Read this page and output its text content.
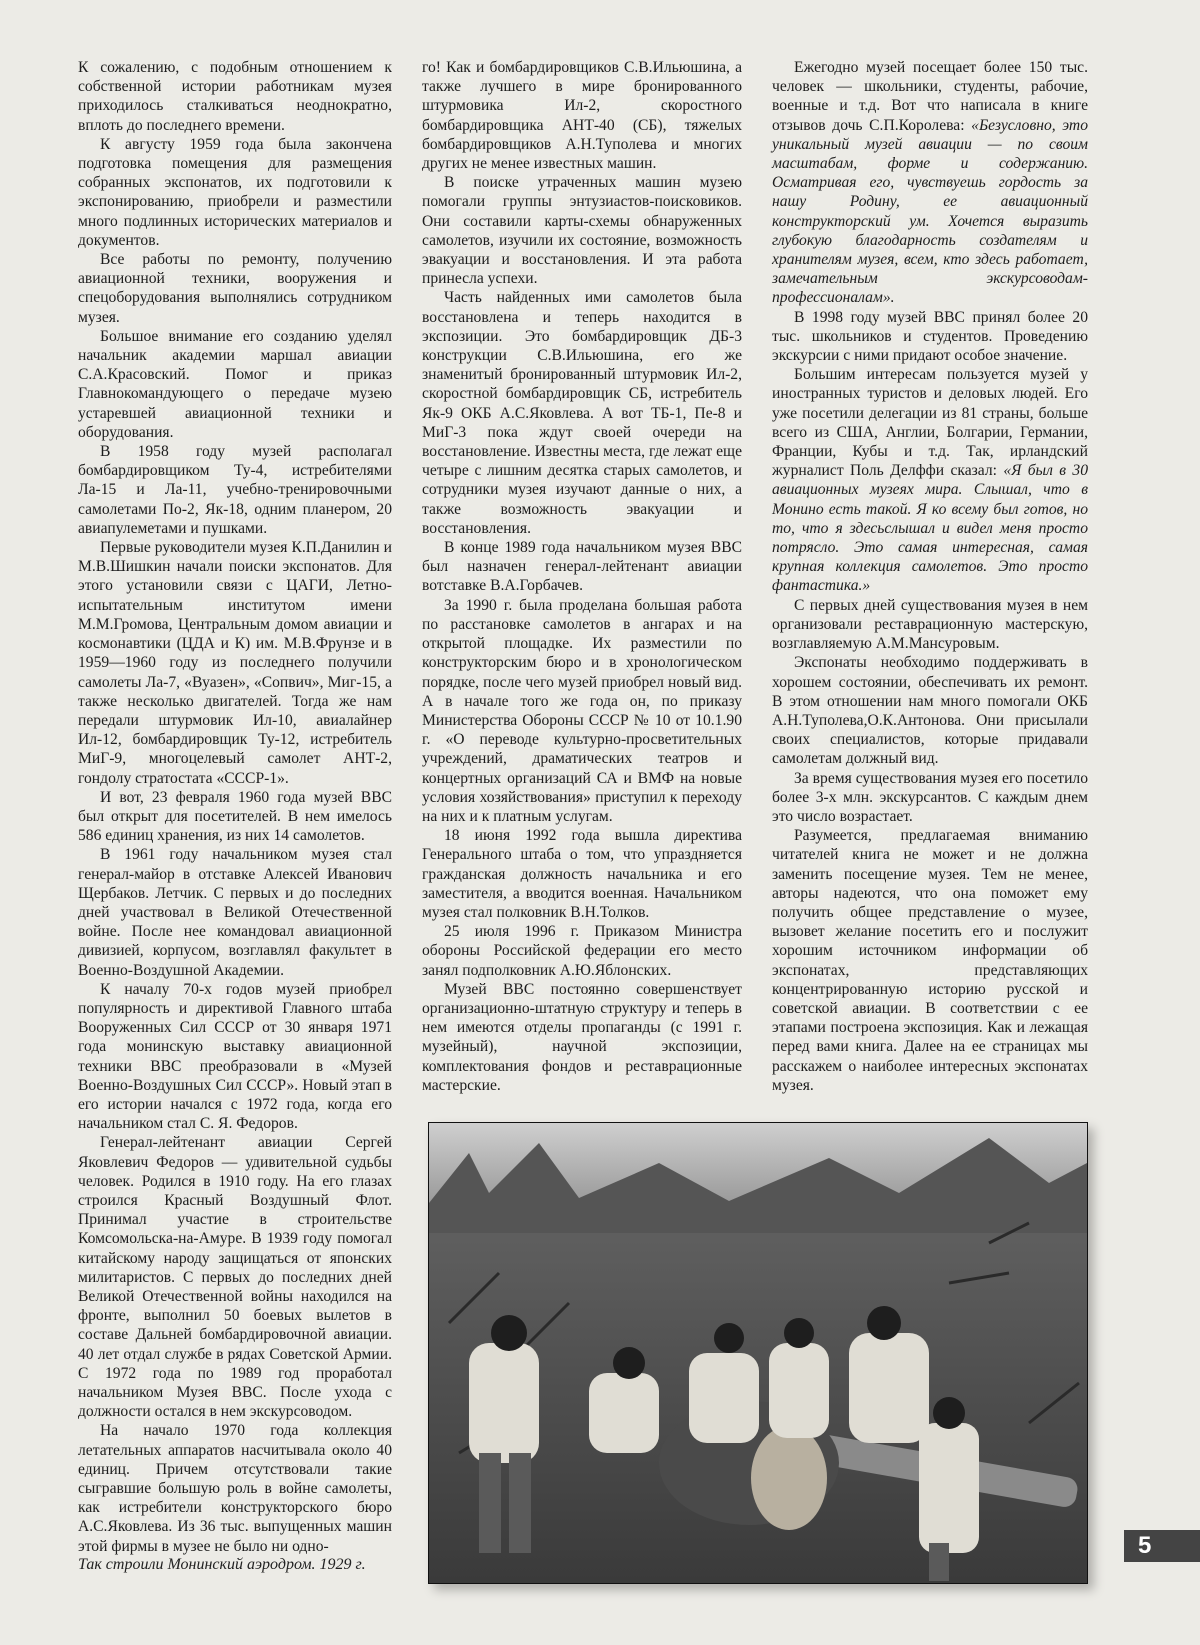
К сожалению, с подобным отношением к собственной истории работникам музея приходилось сталкиваться неоднократно, вплоть до последнего времени.

К августу 1959 года была закончена подготовка помещения для размещения собранных экспонатов, их подготовили к экспонированию, приобрели и разместили много подлинных исторических материалов и документов.

Все работы по ремонту, получению авиационной техники, вооружения и спецоборудования выполнялись сотрудником музея.

Большое внимание его созданию уделял начальник академии маршал авиации С.А.Красовский. Помог и приказ Главнокомандующего о передаче музею устаревшей авиационной техники и оборудования.

В 1958 году музей располагал бомбардировщиком Ту-4, истребителями Ла-15 и Ла-11, учебно-тренировочными самолетами По-2, Як-18, одним планером, 20 авиапулеметами и пушками.

Первые руководители музея К.П.Данилин и М.В.Шишкин начали поиски экспонатов. Для этого установили связи с ЦАГИ, Летно-испытательным институтом имени М.М.Громова, Центральным домом авиации и космонавтики (ЦДА и К) им. М.В.Фрунзе и в 1959—1960 году из последнего получили самолеты Ла-7, «Вуазен», «Сопвич», Миг-15, а также несколько двигателей. Тогда же нам передали штурмовик Ил-10, авиалайнер Ил-12, бомбардировщик Ту-12, истребитель МиГ-9, многоцелевый самолет АНТ-2, гондолу стратостата «СССР-1».

И вот, 23 февраля 1960 года музей ВВС был открыт для посетителей. В нем имелось 586 единиц хранения, из них 14 самолетов.

В 1961 году начальником музея стал генерал-майор в отставке Алексей Иванович Щербаков. Летчик. С первых и до последних дней участвовал в Великой Отечественной войне. После нее командовал авиационной дивизией, корпусом, возглавлял факультет в Военно-Воздушной Академии.

К началу 70-х годов музей приобрел популярность и директивой Главного штаба Вооруженных Сил СССР от 30 января 1971 года монинскую выставку авиационной техники ВВС преобразовали в «Музей Военно-Воздушных Сил СССР». Новый этап в его истории начался с 1972 года, когда его начальником стал С. Я. Федоров.

Генерал-лейтенант авиации Сергей Яковлевич Федоров — удивительной судьбы человек. Родился в 1910 году. На его глазах строился Красный Воздушный Флот. Принимал участие в строительстве Комсомольска-на-Амуре. В 1939 году помогал китайскому народу защищаться от японских милитаристов. С первых до последних дней Великой Отечественной войны находился на фронте, выполнил 50 боевых вылетов в составе Дальней бомбардировочной авиации. 40 лет отдал службе в рядах Советской Армии. С 1972 года по 1989 год проработал начальником Музея ВВС. После ухода с должности остался в нем экскурсоводом.

На начало 1970 года коллекция летательных аппаратов насчитывала около 40 единиц. Причем отсутствовали такие сыгравшие большую роль в войне самолеты, как истребители конструкторского бюро А.С.Яковлева. Из 36 тыс. выпущенных машин этой фирмы в музее не было ни одно-

го! Как и бомбардировщиков С.В.Ильюшина, а также лучшего в мире бронированного штурмовика Ил-2, скоростного бомбардировщика АНТ-40 (СБ), тяжелых бомбардировщиков А.Н.Туполева и многих других не менее известных машин.

В поиске утраченных машин музею помогали группы энтузиастов-поисковиков. Они составили карты-схемы обнаруженных самолетов, изучили их состояние, возможность эвакуации и восстановления. И эта работа принесла успехи.

Часть найденных ими самолетов была восстановлена и теперь находится в экспозиции. Это бомбардировщик ДБ-3 конструкции С.В.Ильюшина, его же знаменитый бронированный штурмовик Ил-2, скоростной бомбардировщик СБ, истребитель Як-9 ОКБ А.С.Яковлева. А вот ТБ-1, Пе-8 и МиГ-3 пока ждут своей очереди на восстановление. Известны места, где лежат еще четыре с лишним десятка старых самолетов, и сотрудники музея изучают данные о них, а также возможность эвакуации и восстановления.

В конце 1989 года начальником музея ВВС был назначен генерал-лейтенант авиации вотставке В.А.Горбачев.

За 1990 г. была проделана большая работа по расстановке самолетов в ангарах и на открытой площадке. Их разместили по конструкторским бюро и в хронологическом порядке, после чего музей приобрел новый вид. А в начале того же года он, по приказу Министерства Обороны СССР № 10 от 10.1.90 г. «О переводе культурно-просветительных учреждений, драматических театров и концертных организаций СА и ВМФ на новые условия хозяйствования» приступил к переходу на них и к платным услугам.

18 июня 1992 года вышла директива Генерального штаба о том, что упраздняется гражданская должность начальника и его заместителя, а вводится военная. Начальником музея стал полковник В.Н.Толков.

25 июля 1996 г. Приказом Министра обороны Российской федерации его место занял подполковник А.Ю.Яблонских.

Музей ВВС постоянно совершенствует организационно-штатную структуру и теперь в нем имеются отделы пропаганды (с 1991 г. музейный), научной экспозиции, комплектования фондов и реставрационные мастерские.

Ежегодно музей посещает более 150 тыс. человек — школьники, студенты, рабочие, военные и т.д. Вот что написала в книге отзывов дочь С.П.Королева: «Безусловно, это уникальный музей авиации — по своим масштабам, форме и содержанию. Осматривая его, чувствуешь гордость за нашу Родину, ее авиационный конструкторский ум. Хочется выразить глубокую благодарность создателям и хранителям музея, всем, кто здесь работает, замечательным экскурсоводам-профессионалам».

В 1998 году музей ВВС принял более 20 тыс. школьников и студентов. Проведению экскурсии с ними придают особое значение.

Большим интересам пользуется музей у иностранных туристов и деловых людей. Его уже посетили делегации из 81 страны, больше всего из США, Англии, Болгарии, Германии, Франции, Кубы и т.д. Так, ирландский журналист Поль Делффи сказал: «Я был в 30 авиационных музеях мира. Слышал, что в Монино есть такой. Я ко всему был готов, но то, что я здесьслышал и видел меня просто потрясло. Это самая интересная, самая крупная коллекция самолетов. Это просто фантастика.»

С первых дней существования музея в нем организовали реставрационную мастерскую, возглавляемую А.М.Мансуровым.

Экспонаты необходимо поддерживать в хорошем состоянии, обеспечивать их ремонт. В этом отношении нам много помогали ОКБ А.Н.Туполева,О.К.Антонова. Они присылали своих специалистов, которые придавали самолетам должный вид.

За время существования музея его посетило более 3-х млн. экскурсантов. С каждым днем это число возрастает.

Разумеется, предлагаемая вниманию читателей книга не может и не должна заменить посещение музея. Тем не менее, авторы надеются, что она поможет ему получить общее представление о музее, вызовет желание посетить его и послужит хорошим источником информации об экспонатах, представляющих концентрированную историю русской и советской авиации. В соответствии с ее этапами построена экспозиция. Как и лежащая перед вами книга. Далее на ее страницах мы расскажем о наиболее интересных экспонатах музея.

Так строили Монинский аэродром. 1929 г.
5
